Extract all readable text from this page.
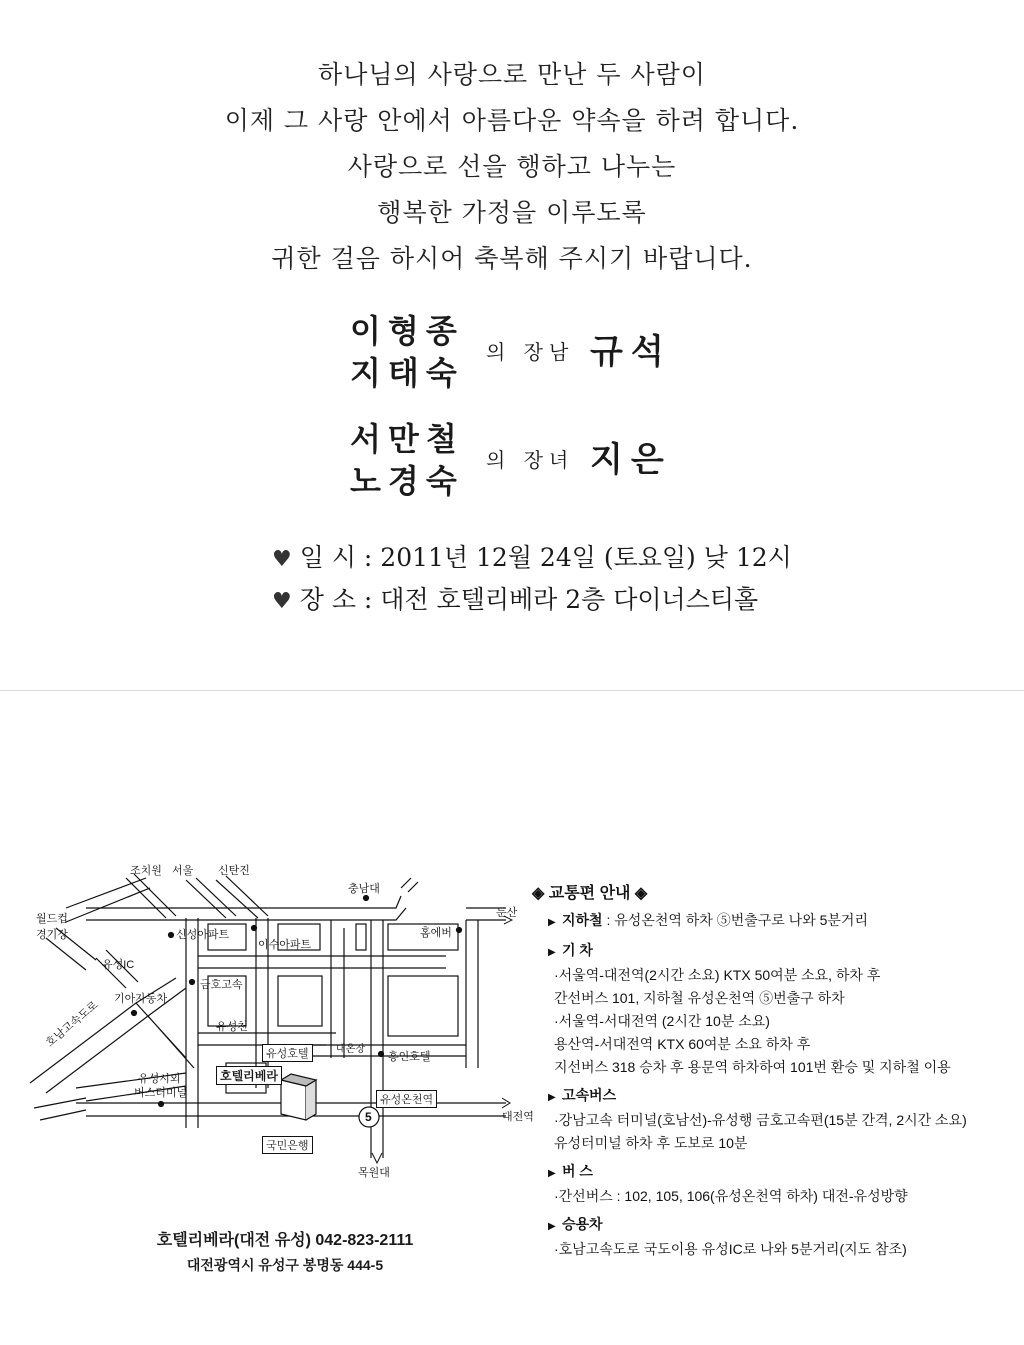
하나님의 사랑으로 만난 두 사람이
이제 그 사랑 안에서 아름다운 약속을 하려 합니다.
사랑으로 선을 행하고 나누는
행복한 가정을 이루도록
귀한 걸음 하시어 축복해 주시기 바랍니다.
이형종
지태숙
의 장남 규석
서만철
노경숙
의 장녀 지은
♥ 일 시 : 2011년 12월 24일 (토요일) 낮 12시
♥ 장 소 : 대전 호텔리베라 2층 다이너스티홀
조치원 서울 신탄진
충남대
월드컵
경기장
둔산
신성아파트
이수아파트
유성IC
홈에버
금호고속
기아자동차
유성천
호남고속도로
유성호텔	대온장
홍인호텔
유성시외
버스터미널
호텔리베라
유성온천역
5	대전역
국민은행
목원대
호텔리베라(대전 유성) 042-823-2111
대전광역시 유성구 봉명동 444-5
◈ 교통편 안내 ◈
▶ 지하철 : 유성온천역 하차 ⑤번출구로 나와 5분거리
▶ 기 차
·서울역-대전역(2시간 소요) KTX 50여분 소요, 하차 후
간선버스 101, 지하철 유성온천역 ⑤번출구 하차
·서울역-서대전역 (2시간 10분 소요)
용산역-서대전역 KTX 60여분 소요 하차 후
지선버스 318 승차 후 용문역 하차하여 101번 환승 및 지하철 이용
▶ 고속버스
·강남고속 터미널(호남선)-유성행 금호고속편(15분 간격, 2시간 소요)
유성터미널 하차 후 도보로 10분
▶ 버 스
·간선버스 : 102, 105, 106(유성온천역 하차) 대전-유성방향
▶ 승용차
·호남고속도로 국도이용 유성IC로 나와 5분거리(지도 참조)
